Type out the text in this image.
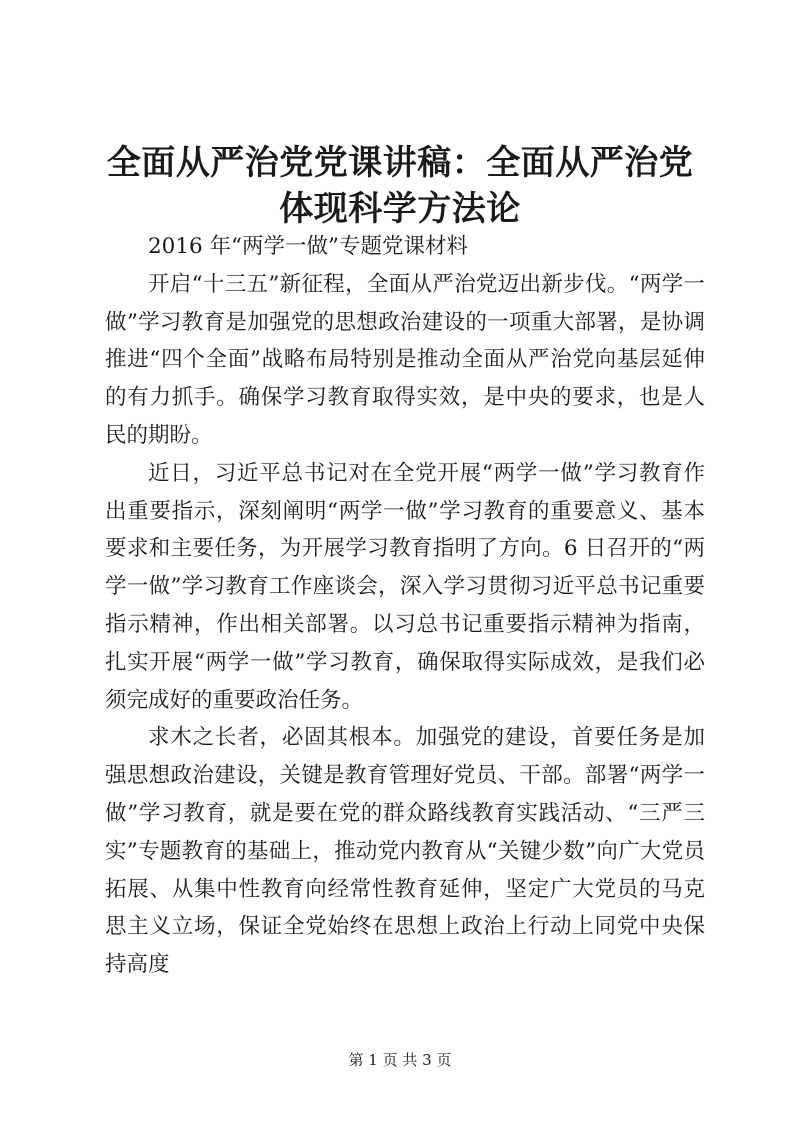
全面从严治党党课讲稿：全面从严治党体现科学方法论

2016 年“两学一做”专题党课材料

开启“十三五”新征程，全面从严治党迈出新步伐。“两学一做”学习教育是加强党的思想政治建设的一项重大部署，是协调推进“四个全面”战略布局特别是推动全面从严治党向基层延伸的有力抓手。确保学习教育取得实效，是中央的要求，也是人民的期盼。

近日，习近平总书记对在全党开展“两学一做”学习教育作出重要指示，深刻阐明“两学一做”学习教育的重要意义、基本要求和主要任务，为开展学习教育指明了方向。6 日召开的“两学一做”学习教育工作座谈会，深入学习贯彻习近平总书记重要指示精神，作出相关部署。以习总书记重要指示精神为指南，扎实开展“两学一做”学习教育，确保取得实际成效，是我们必须完成好的重要政治任务。

求木之长者，必固其根本。加强党的建设，首要任务是加强思想政治建设，关键是教育管理好党员、干部。部署“两学一做”学习教育，就是要在党的群众路线教育实践活动、“三严三实”专题教育的基础上，推动党内教育从“关键少数”向广大党员拓展、从集中性教育向经常性教育延伸，坚定广大党员的马克思主义立场，保证全党始终在思想上政治上行动上同党中央保持高度

第 1 页 共 3 页
